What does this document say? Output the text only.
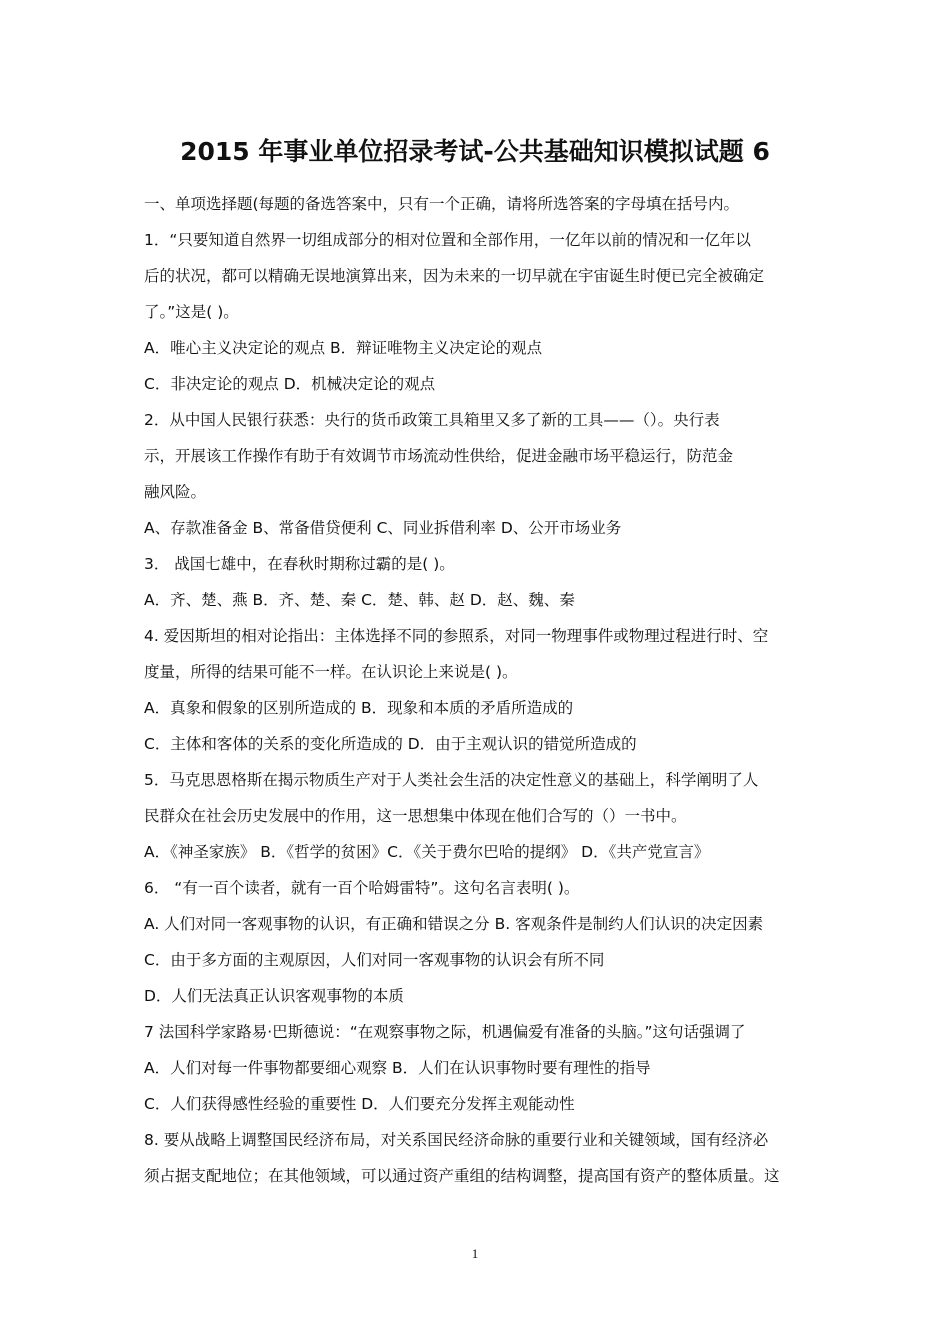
2015 年事业单位招录考试-公共基础知识模拟试题 6
一、单项选择题(每题的备选答案中，只有一个正确，请将所选答案的字母填在括号内。
1．“只要知道自然界一切组成部分的相对位置和全部作用，一亿年以前的情况和一亿年以
后的状况，都可以精确无误地演算出来，因为未来的一切早就在宇宙诞生时便已完全被确定
了。”这是( )。
A．唯心主义决定论的观点 B．辩证唯物主义决定论的观点
C．非决定论的观点 D．机械决定论的观点
2．从中国人民银行获悉：央行的货币政策工具箱里又多了新的工具——（）。央行表
示，开展该工作操作有助于有效调节市场流动性供给，促进金融市场平稳运行，防范金
融风险。
A、存款准备金 B、常备借贷便利 C、同业拆借利率 D、公开市场业务
3． 战国七雄中，在春秋时期称过霸的是( )。
A．齐、楚、燕 B．齐、楚、秦 C．楚、韩、赵 D．赵、魏、秦
4. 爱因斯坦的相对论指出：主体选择不同的参照系，对同一物理事件或物理过程进行时、空
度量，所得的结果可能不一样。在认识论上来说是( )。
A．真象和假象的区别所造成的 B．现象和本质的矛盾所造成的
C．主体和客体的关系的变化所造成的 D．由于主观认识的错觉所造成的
5．马克思恩格斯在揭示物质生产对于人类社会生活的决定性意义的基础上，科学阐明了人
民群众在社会历史发展中的作用，这一思想集中体现在他们合写的（）一书中。
A．《神圣家族》 B．《哲学的贫困》C．《关于费尔巴哈的提纲》 D．《共产党宣言》
6． “有一百个读者，就有一百个哈姆雷特”。这句名言表明( )。
A. 人们对同一客观事物的认识，有正确和错误之分 B. 客观条件是制约人们认识的决定因素
C．由于多方面的主观原因，人们对同一客观事物的认识会有所不同
D．人们无法真正认识客观事物的本质
7 法国科学家路易·巴斯德说：“在观察事物之际，机遇偏爱有准备的头脑。”这句话强调了
A．人们对每一件事物都要细心观察 B．人们在认识事物时要有理性的指导
C．人们获得感性经验的重要性 D．人们要充分发挥主观能动性
8. 要从战略上调整国民经济布局，对关系国民经济命脉的重要行业和关键领域，国有经济必
须占据支配地位；在其他领域，可以通过资产重组的结构调整，提高国有资产的整体质量。这
1
